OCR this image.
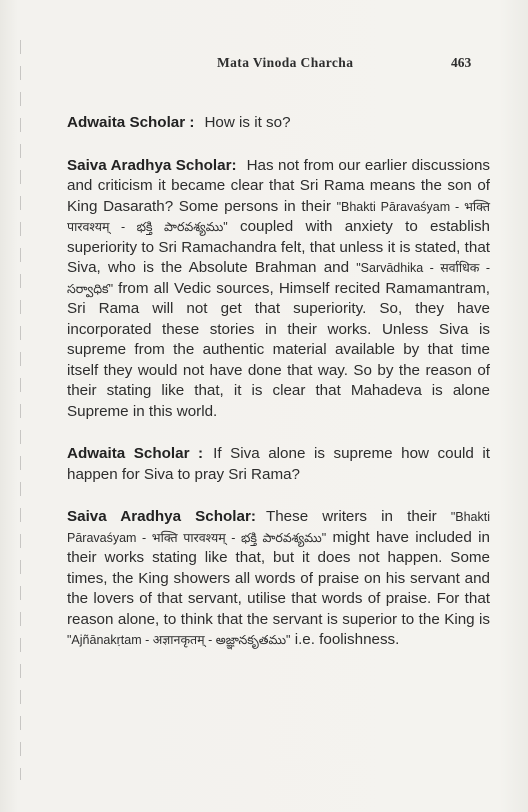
Mata Vinoda Charcha	463

Adwaita Scholar : How is it so?

Saiva Aradhya Scholar: Has not from our earlier discussions and criticism it became clear that Sri Rama means the son of King Dasarath? Some persons in their "Bhakti Pāravaśyam - भक्ति पारवश्यम् - భక్తి పారవశ్యము" coupled with anxiety to establish superiority to Sri Ramachandra felt, that unless it is stated, that Siva, who is the Absolute Brahman and "Sarvādhika - सर्वाधिक - సర్వాధిక" from all Vedic sources, Himself recited Ramamantram, Sri Rama will not get that superiority. So, they have incorporated these stories in their works. Unless Siva is supreme from the authentic material available by that time itself they would not have done that way. So by the reason of their stating like that, it is clear that Mahadeva is alone Supreme in this world.

Adwaita Scholar : If Siva alone is supreme how could it happen for Siva to pray Sri Rama?

Saiva Aradhya Scholar: These writers in their "Bhakti Pāravaśyam - भक्ति पारवश्यम् - భక్తి పారవశ్యము" might have included in their works stating like that, but it does not happen. Some times, the King showers all words of praise on his servant and the lovers of that servant, utilise that words of praise. For that reason alone, to think that the servant is superior to the King is "Ajñānakṛtam - अज्ञानकृतम् - అజ్ఞానకృతము" i.e. foolishness.
